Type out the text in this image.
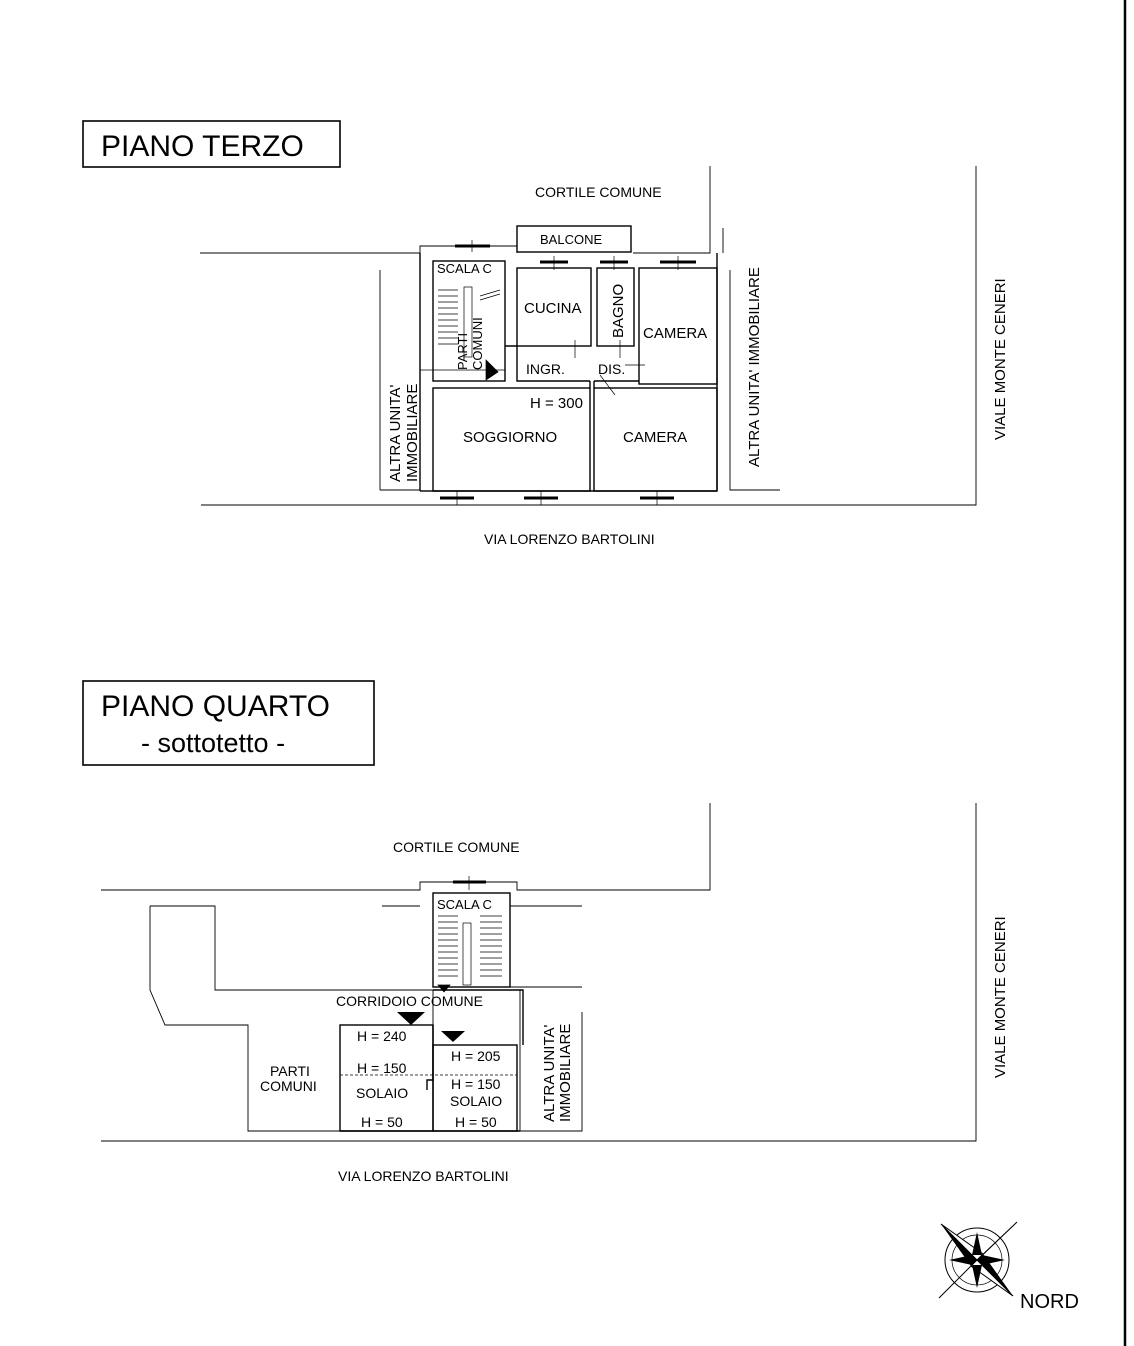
PIANO TERZO
CORTILE COMUNE
BALCONE
SCALA C
PARTI COMUNI
CUCINA BAGNO CAMERA
INGR. DIS.
H = 300
SOGGIORNO	CAMERA
ALTRA UNITA' IMMOBILIARE	ALTRA UNITA' IMMOBILIARE	VIALE MONTE CENERI
VIA LORENZO BARTOLINI
PIANO QUARTO
- sottotetto -
CORTILE COMUNE
SCALA C
CORRIDOIO COMUNE
PARTI
COMUNI
H = 240
H = 150
SOLAIO
H = 50
H = 205
H = 150
SOLAIO
H = 50	ALTRA UNITA' IMMOBILIARE	VIALE MONTE CENERI
VIA LORENZO BARTOLINI
NORD
